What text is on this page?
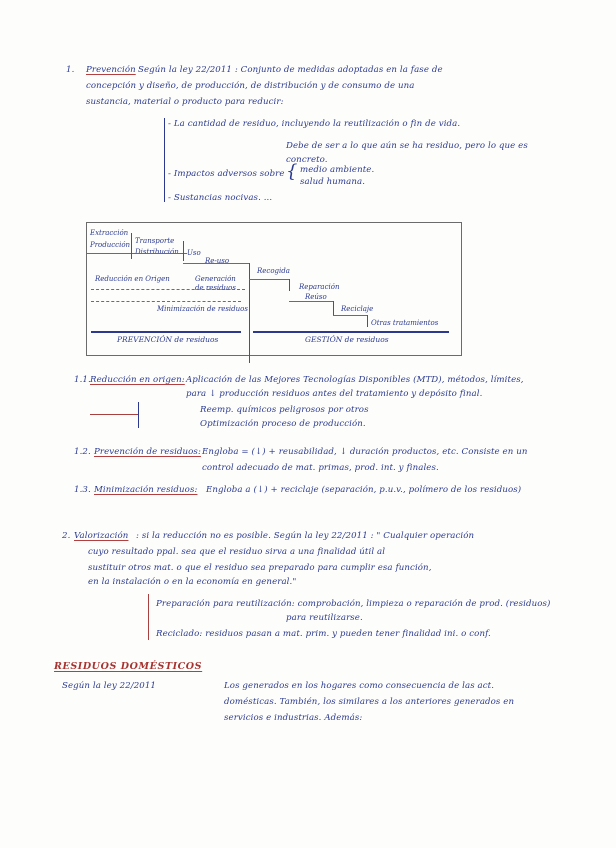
1. Prevención Según la ley 22/2011 : Conjunto de medidas adoptadas en la fase de
concepción y diseño, de producción, de distribución y de consumo de una
sustancia, material o producto para reducir:
- La cantidad de residuo, incluyendo la reutilización o fin de vida.
Debe de ser a lo que aún se ha residuo, pero lo que es
concreto.
- Impactos adversos sobre { medio ambiente.
salud humana.
- Sustancias nocivas. ...
Extracción
Producción Transporte
Distribución Uso
Re-uso
Reducción en Origen	Generación
de residuos
Recogida
Reparación
Reúso
Reciclaje
Otras tratamientos
Minimización de residuos
PREVENCIÓN de residuos	GESTIÓN de residuos
1.1. Reducción en origen: Aplicación de las Mejores Tecnologías Disponibles (MTD), métodos, límites,
para ↓ producción residuos antes del tratamiento y depósito final.
Reemp. químicos peligrosos por otros
Optimización proceso de producción.
1.2. Prevención de residuos: Engloba = (↓) + reusabilidad, ↓ duración productos, etc. Consiste en un
control adecuado de mat. primas, prod. int. y finales.
1.3. Minimización residuos: Engloba a (↓) + reciclaje (separación, p.u.v., polímero de los residuos)
2. Valorización : si la reducción no es posible. Según la ley 22/2011 : " Cualquier operación
cuyo resultado ppal. sea que el residuo sirva a una finalidad útil al
sustituir otros mat. o que el residuo sea preparado para cumplir esa función,
en la instalación o en la economía en general."
Preparación para reutilización: comprobación, limpieza o reparación de prod. (residuos)
para reutilizarse.
Reciclado: residuos pasan a mat. prim. y pueden tener finalidad ini. o conf.
RESIDUOS DOMÉSTICOS
Según la ley 22/2011	Los generados en los hogares como consecuencia de las act.
domésticas. También, los similares a los anteriores generados en
servicios e industrias. Además:
